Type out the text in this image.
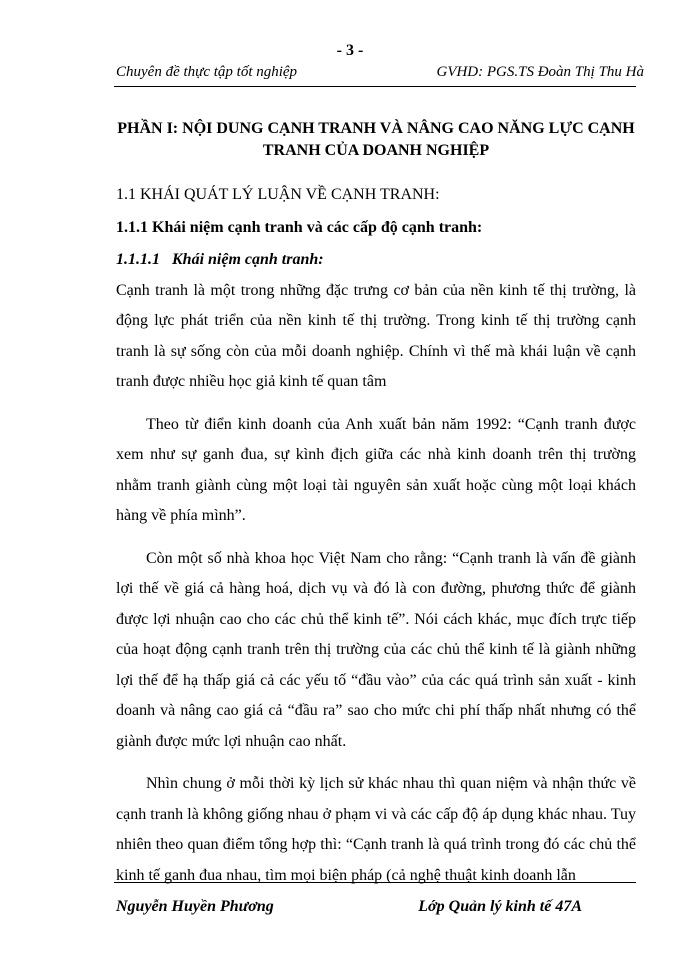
- 3 -
Chuyên đề thực tập tốt nghiệp	GVHD: PGS.TS Đoàn Thị Thu Hà
PHẦN I: NỘI DUNG CẠNH TRANH VÀ NÂNG CAO NĂNG LỰC CẠNH TRANH CỦA DOANH NGHIỆP
1.1 KHÁI QUÁT LÝ LUẬN VỀ CẠNH TRANH:
1.1.1 Khái niệm cạnh tranh và các cấp độ cạnh tranh:
1.1.1.1 Khái niệm cạnh tranh:

Cạnh tranh là một trong những đặc trưng cơ bản của nền kinh tế thị trường, là động lực phát triển của nền kinh tế thị trường. Trong kinh tế thị trường cạnh tranh là sự sống còn của mỗi doanh nghiệp. Chính vì thế mà khái luận về cạnh tranh được nhiều học giả kinh tế quan tâm

Theo từ điển kinh doanh của Anh xuất bản năm 1992: “Cạnh tranh được xem như sự ganh đua, sự kình địch giữa các nhà kinh doanh trên thị trường nhằm tranh giành cùng một loại tài nguyên sản xuất hoặc cùng một loại khách hàng về phía mình”.

Còn một số nhà khoa học Việt Nam cho rằng: “Cạnh tranh là vấn đề giành lợi thế về giá cả hàng hoá, dịch vụ và đó là con đường, phương thức để giành được lợi nhuận cao cho các chủ thể kinh tế”. Nói cách khác, mục đích trực tiếp của hoạt động cạnh tranh trên thị trường của các chủ thể kinh tế là giành những lợi thế để hạ thấp giá cả các yếu tố “đầu vào” của các quá trình sản xuất - kinh doanh và nâng cao giá cả “đầu ra” sao cho mức chi phí thấp nhất nhưng có thể giành được mức lợi nhuận cao nhất.

Nhìn chung ở mỗi thời kỳ lịch sử khác nhau thì quan niệm và nhận thức về cạnh tranh là không giống nhau ở phạm vi và các cấp độ áp dụng khác nhau. Tuy nhiên theo quan điểm tổng hợp thì: “Cạnh tranh là quá trình trong đó các chủ thể kinh tế ganh đua nhau, tìm mọi biện pháp (cả nghệ thuật kinh doanh lẫn

Nguyễn Huyền Phương	Lớp Quản lý kinh tế 47A
